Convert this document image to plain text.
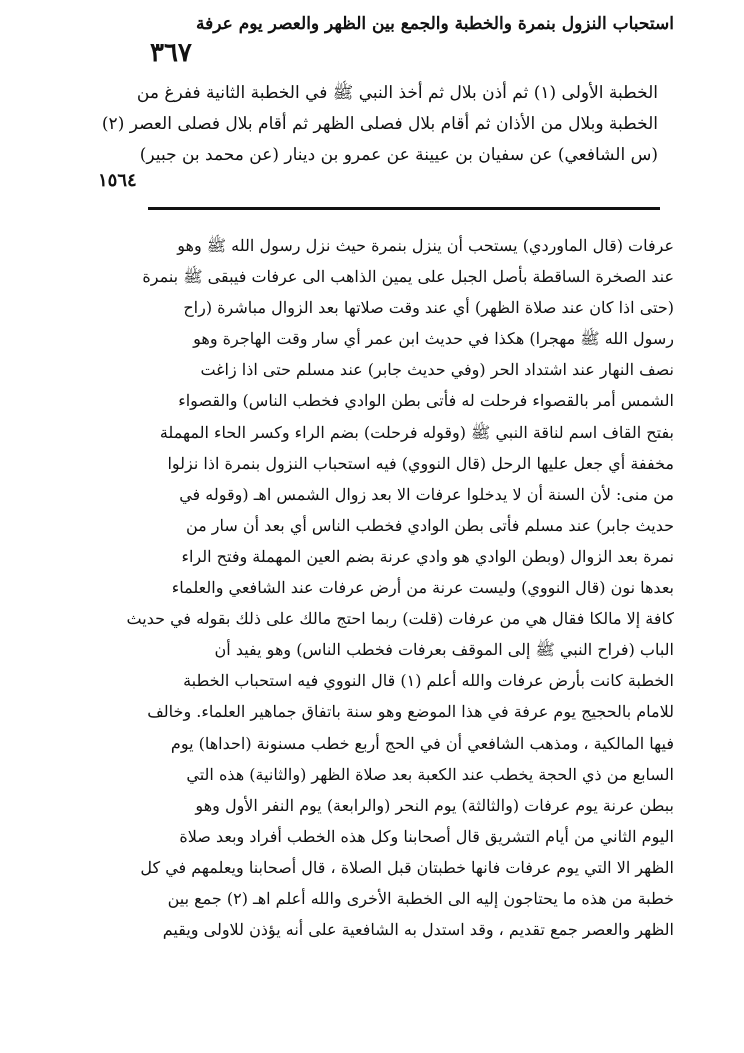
استحباب النزول بنمرة والخطبة والجمع بين الظهر والعصر يوم عرفة
٣٦٧

الخطبة الأولى (١) ثم أذن بلال ثم أخذ النبي ﷺ في الخطبة الثانية ففرغ من

الخطبة وبلال من الأذان ثم أقام بلال فصلى الظهر ثم أقام بلال فصلى العصر (٢)

(س الشافعي) عن سفيان بن عيينة عن عمرو بن دينار (عن محمد بن جبير)

١٥٦٤

عرفات (قال الماوردي) يستحب أن ينزل بنمرة حيث نزل رسول الله ﷺ وهو

عند الصخرة الساقطة بأصل الجبل على يمين الذاهب الى عرفات فيبقى ﷺ بنمرة

(حتى اذا كان عند صلاة الظهر) أي عند وقت صلاتها بعد الزوال مباشرة (راح

رسول الله ﷺ مهجرا) هكذا في حديث ابن عمر أي سار وقت الهاجرة وهو

نصف النهار عند اشتداد الحر (وفي حديث جابر) عند مسلم حتى اذا زاغت

الشمس أمر بالقصواء فرحلت له فأتى بطن الوادي فخطب الناس) والقصواء

بفتح القاف اسم لناقة النبي ﷺ (وقوله فرحلت) بضم الراء وكسر الحاء المهملة

مخففة أي جعل عليها الرحل (قال النووي) فيه استحباب النزول بنمرة اذا نزلوا

من منى: لأن السنة أن لا يدخلوا عرفات الا بعد زوال الشمس اهـ (وقوله في

حديث جابر) عند مسلم فأتى بطن الوادي فخطب الناس أي بعد أن سار من

نمرة بعد الزوال (وبطن الوادي هو وادي عرنة بضم العين المهملة وفتح الراء

بعدها نون (قال النووي) وليست عرنة من أرض عرفات عند الشافعي والعلماء

كافة إلا مالكا فقال هي من عرفات (قلت) ربما احتج مالك على ذلك بقوله في حديث

الباب (فراح النبي ﷺ إلى الموقف بعرفات فخطب الناس) وهو يفيد أن

الخطبة كانت بأرض عرفات والله أعلم (١) قال النووي فيه استحباب الخطبة

للامام بالحجيج يوم عرفة في هذا الموضع وهو سنة باتفاق جماهير العلماء. وخالف

فيها المالكية ، ومذهب الشافعي أن في الحج أربع خطب مسنونة (احداها) يوم

السابع من ذي الحجة يخطب عند الكعبة بعد صلاة الظهر (والثانية) هذه التي

ببطن عرنة يوم عرفات (والثالثة) يوم النحر (والرابعة) يوم النفر الأول وهو

اليوم الثاني من أيام التشريق قال أصحابنا وكل هذه الخطب أفراد وبعد صلاة

الظهر الا التي يوم عرفات فانها خطبتان قبل الصلاة ، قال أصحابنا ويعلمهم في كل

خطبة من هذه ما يحتاجون إليه الى الخطبة الأخرى والله أعلم اهـ (٢) جمع بين

الظهر والعصر جمع تقديم ، وقد استدل به الشافعية على أنه يؤذن للاولى ويقيم
